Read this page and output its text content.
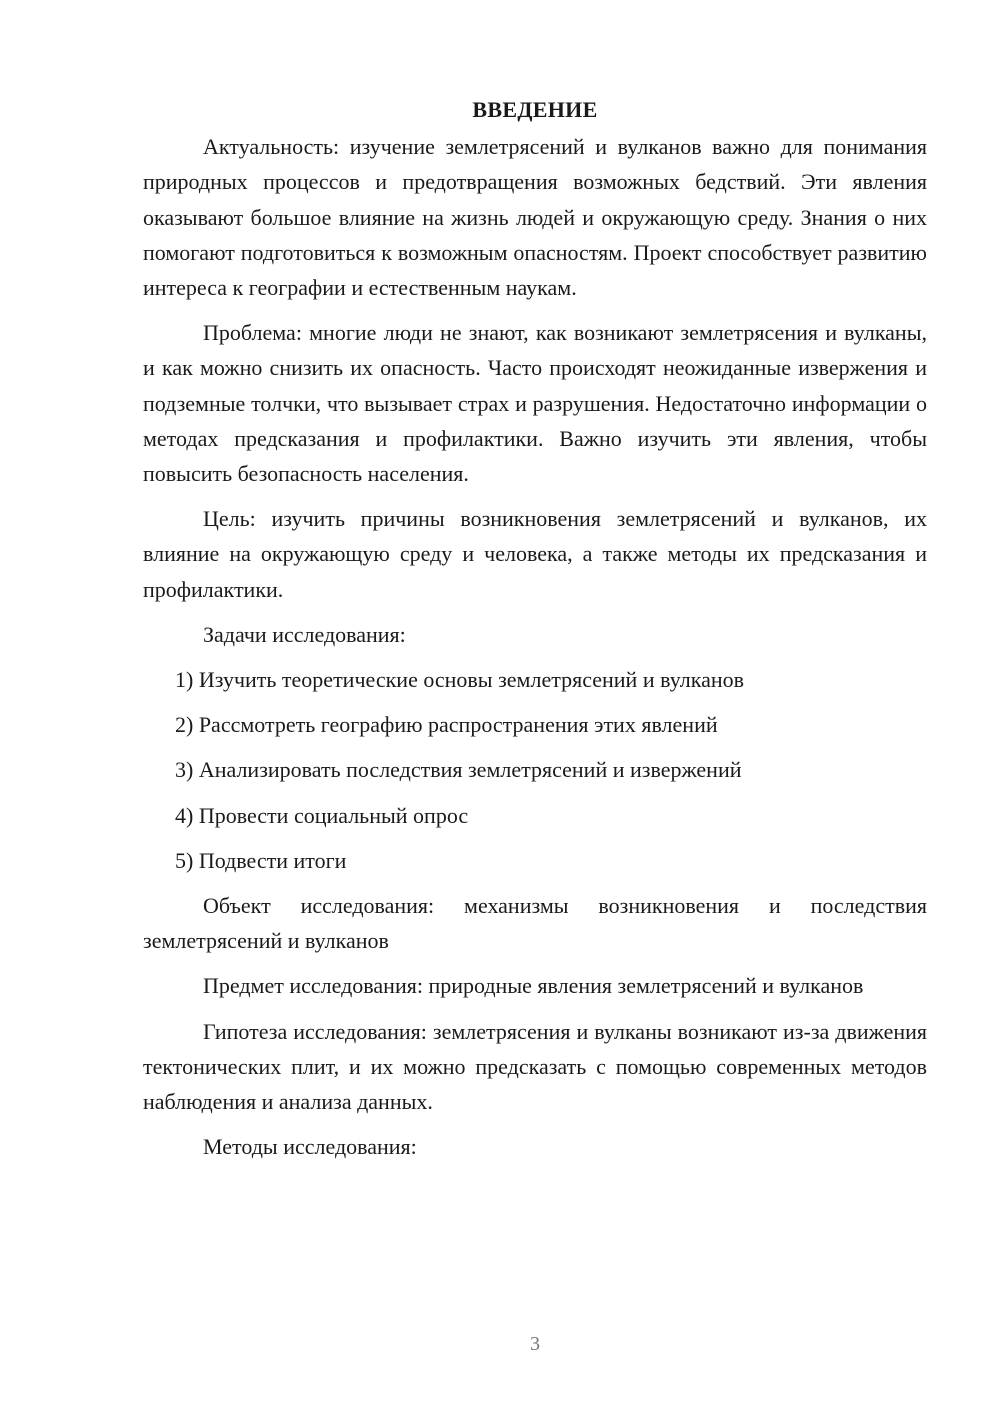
ВВЕДЕНИЕ

Актуальность: изучение землетрясений и вулканов важно для понимания природных процессов и предотвращения возможных бедствий. Эти явления оказывают большое влияние на жизнь людей и окружающую среду. Знания о них помогают подготовиться к возможным опасностям. Проект способствует развитию интереса к географии и естественным наукам.

Проблема: многие люди не знают, как возникают землетрясения и вулканы, и как можно снизить их опасность. Часто происходят неожиданные извержения и подземные толчки, что вызывает страх и разрушения. Недостаточно информации о методах предсказания и профилактики. Важно изучить эти явления, чтобы повысить безопасность населения.

Цель: изучить причины возникновения землетрясений и вулканов, их влияние на окружающую среду и человека, а также методы их предсказания и профилактики.

Задачи исследования:

1) Изучить теоретические основы землетрясений и вулканов
2) Рассмотреть географию распространения этих явлений
3) Анализировать последствия землетрясений и извержений
4) Провести социальный опрос
5) Подвести итоги

Объект исследования: механизмы возникновения и последствия землетрясений и вулканов

Предмет исследования: природные явления землетрясений и вулканов

Гипотеза исследования: землетрясения и вулканы возникают из-за движения тектонических плит, и их можно предсказать с помощью современных методов наблюдения и анализа данных.

Методы исследования:

3
